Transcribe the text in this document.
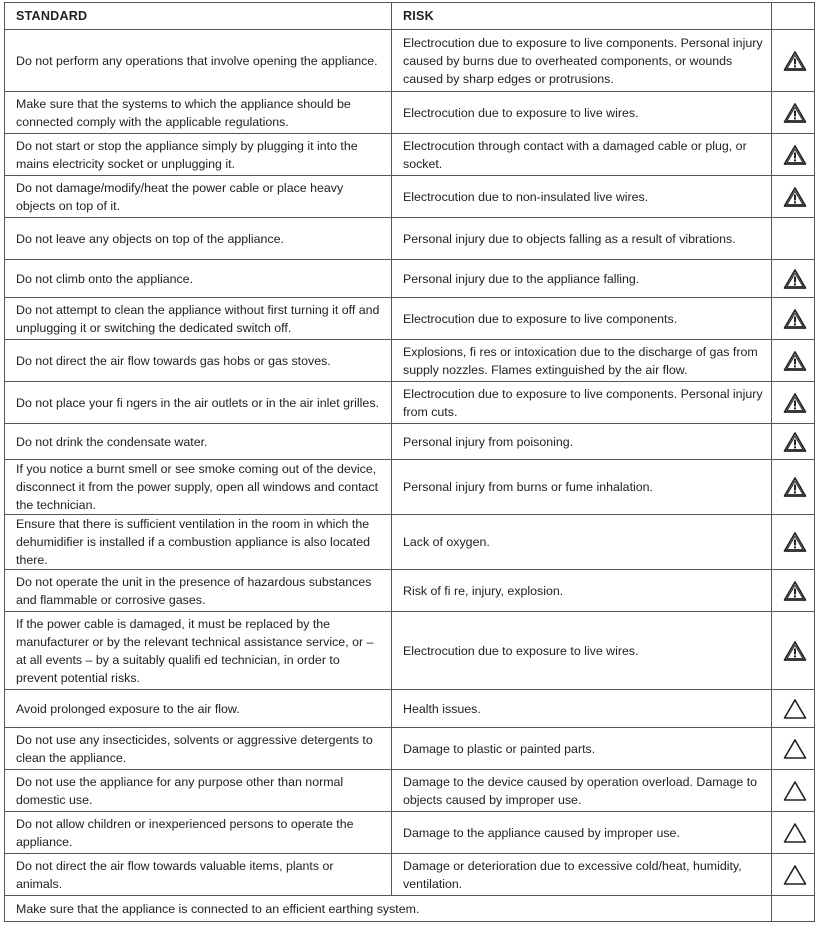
STANDARD	RISK	
Do not perform any operations that involve opening the appliance.	Electrocution due to exposure to live components. Personal injury caused by burns due to overheated components, or wounds caused by sharp edges or protrusions.	

Make sure that the systems to which the appliance should be connected comply with the applicable regulations.	Electrocution due to exposure to live wires.	

Do not start or stop the appliance simply by plugging it into the mains electricity socket or unplugging it.	Electrocution through contact with a damaged cable or plug, or socket.	

Do not damage/modify/heat the power cable or place heavy objects on top of it.	Electrocution due to non-insulated live wires.	

Do not leave any objects on top of the appliance.	Personal injury due to objects falling as a result of vibrations.	
Do not climb onto the appliance.	Personal injury due to the appliance falling.	

Do not attempt to clean the appliance without first turning it off and unplugging it or switching the dedicated switch off.	Electrocution due to exposure to live components.	

Do not direct the air flow towards gas hobs or gas stoves.	Explosions, fi res or intoxication due to the discharge of gas from supply nozzles. Flames extinguished by the air flow.	

Do not place your fi ngers in the air outlets or in the air inlet grilles.	Electrocution due to exposure to live components. Personal injury from cuts.	

Do not drink the condensate water.	Personal injury from poisoning.	

If you notice a burnt smell or see smoke coming out of the device, disconnect it from the power supply, open all windows and contact the technician.	Personal injury from burns or fume inhalation.	

Ensure that there is sufficient ventilation in the room in which the dehumidifier is installed if a combustion appliance is also located there.	Lack of oxygen.	

Do not operate the unit in the presence of hazardous substances and flammable or corrosive gases.	Risk of fi re, injury, explosion.	

If the power cable is damaged, it must be replaced by the manufacturer or by the relevant technical assistance service, or – at all events – by a suitably qualifi ed technician, in order to prevent potential risks.	Electrocution due to exposure to live wires.	

Avoid prolonged exposure to the air flow.	Health issues.	

Do not use any insecticides, solvents or aggressive detergents to clean the appliance.	Damage to plastic or painted parts.	

Do not use the appliance for any purpose other than normal domestic use.	Damage to the device caused by operation overload. Damage to objects caused by improper use.	

Do not allow children or inexperienced persons to operate the appliance.	Damage to the appliance caused by improper use.	

Do not direct the air flow towards valuable items, plants or animals.	Damage or deterioration due to excessive cold/heat, humidity, ventilation.	

Make sure that the appliance is connected to an efficient earthing system.		
